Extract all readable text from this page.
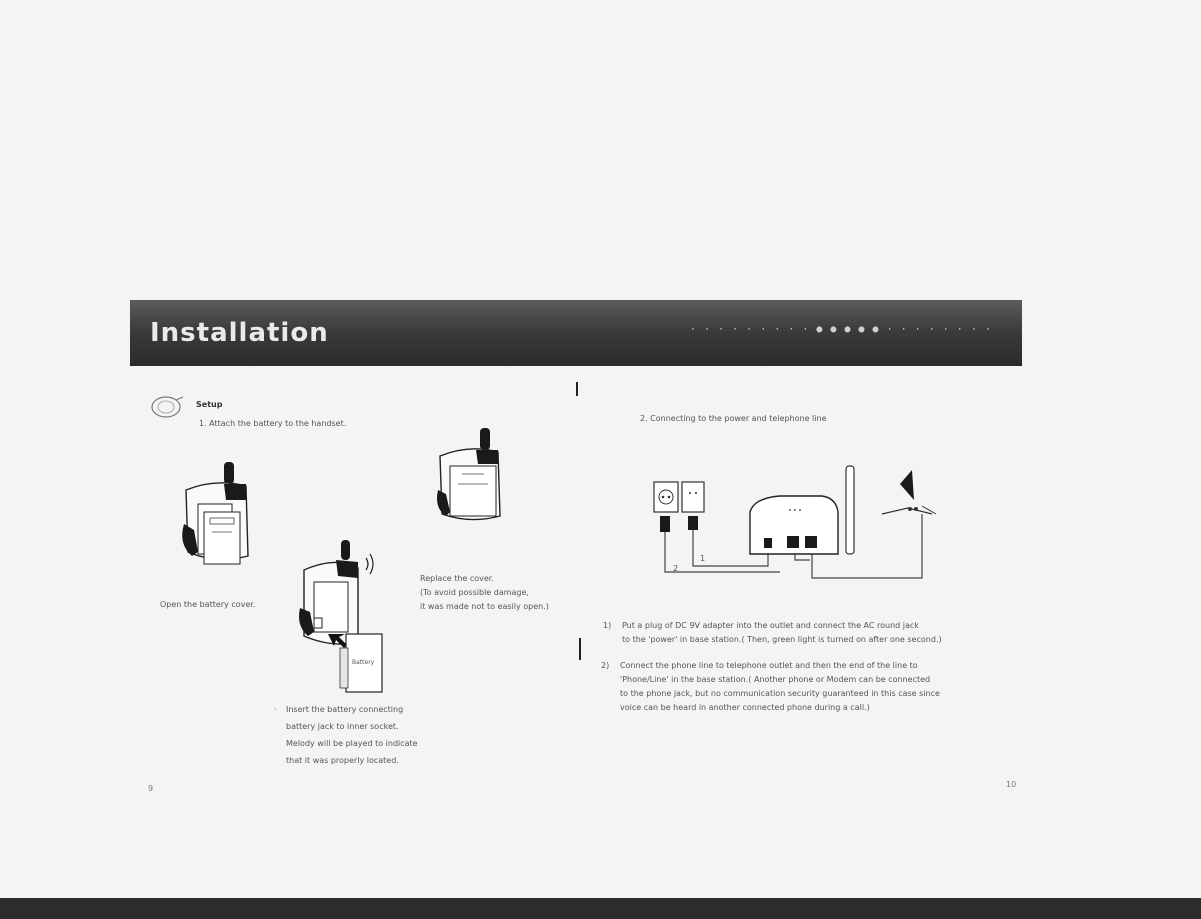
Installation	· · · · · · · · · ● ● ● ● ● · · · · · · · ·
Setup
1. Attach the battery to the handset.
Open the battery cover.
Battery
Replace the cover.
(To avoid possible damage,
it was made not to easily open.)
· Insert the battery connecting
battery jack to inner socket.
Melody will be played to indicate
that it was properly located.
9
2. Connecting to the power and telephone line
2
1
1) Put a plug of DC 9V adapter into the outlet and connect the AC round jack
to the 'power' in base station.( Then, green light is turned on after one second.)
2) Connect the phone line to telephone outlet and then the end of the line to
'Phone/Line' in the base station.( Another phone or Modem can be connected
to the phone jack, but no communication security guaranteed in this case since
voice can be heard in another connected phone during a call.)
10
